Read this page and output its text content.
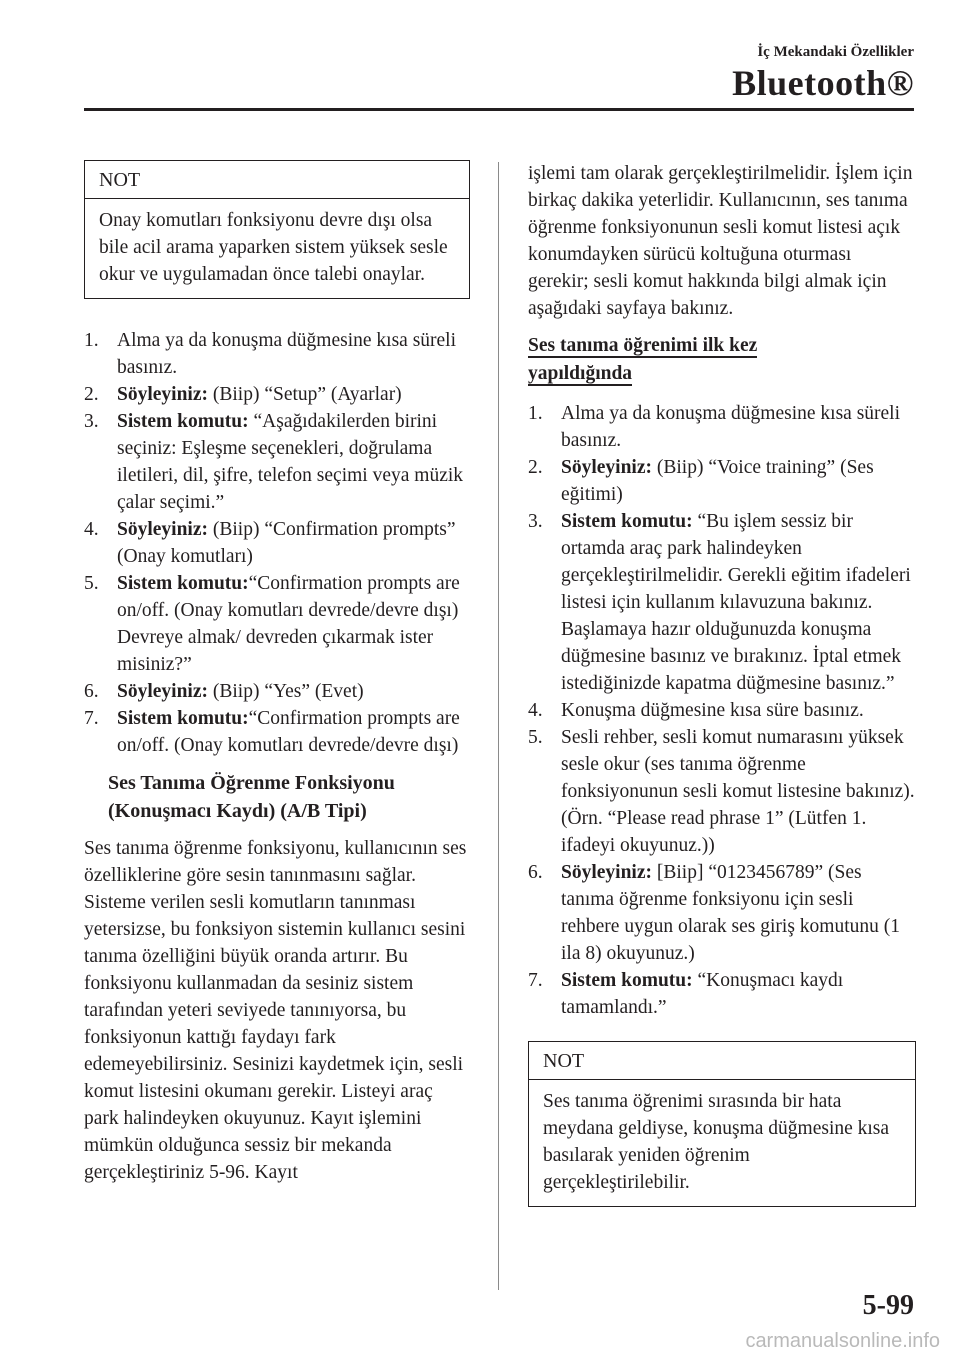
İç Mekandaki Özellikler
Bluetooth®
NOT
Onay komutları fonksiyonu devre dışı olsa bile acil arama yaparken sistem yüksek sesle okur ve uygulamadan önce talebi onaylar.
1. Alma ya da konuşma düğmesine kısa süreli basınız.
2. Söyleyiniz: (Biip) “Setup” (Ayarlar)
3. Sistem komutu: “Aşağıdakilerden birini seçiniz: Eşleşme seçenekleri, doğrulama iletileri, dil, şifre, telefon seçimi veya müzik çalar seçimi.”
4. Söyleyiniz: (Biip) “Confirmation prompts” (Onay komutları)
5. Sistem komutu:“Confirmation prompts are on/off. (Onay komutları devrede/devre dışı) Devreye almak/ devreden çıkarmak ister misiniz?”
6. Söyleyiniz: (Biip) “Yes” (Evet)
7. Sistem komutu:“Confirmation prompts are on/off. (Onay komutları devrede/devre dışı)
Ses Tanıma Öğrenme Fonksiyonu (Konuşmacı Kaydı) (A/B Tipi)

Ses tanıma öğrenme fonksiyonu, kullanıcının ses özelliklerine göre sesin tanınmasını sağlar. Sisteme verilen sesli komutların tanınması yetersizse, bu fonksiyon sistemin kullanıcı sesini tanıma özelliğini büyük oranda artırır. Bu fonksiyonu kullanmadan da sesiniz sistem tarafından yeteri seviyede tanınıyorsa, bu fonksiyonun kattığı faydayı fark edemeyebilirsiniz. Sesinizi kaydetmek için, sesli komut listesini okumanı gerekir. Listeyi araç park halindeyken okuyunuz. Kayıt işlemini mümkün olduğunca sessiz bir mekanda gerçekleştiriniz 5-96. Kayıt

işlemi tam olarak gerçekleştirilmelidir. İşlem için birkaç dakika yeterlidir. Kullanıcının, ses tanıma öğrenme fonksiyonunun sesli komut listesi açık konumdayken sürücü koltuğuna oturması gerekir; sesli komut hakkında bilgi almak için aşağıdaki sayfaya bakınız.

Ses tanıma öğrenimi ilk kez yapıldığında
1. Alma ya da konuşma düğmesine kısa süreli basınız.
2. Söyleyiniz: (Biip) “Voice training” (Ses eğitimi)
3. Sistem komutu: “Bu işlem sessiz bir ortamda araç park halindeyken gerçekleştirilmelidir. Gerekli eğitim ifadeleri listesi için kullanım kılavuzuna bakınız. Başlamaya hazır olduğunuzda konuşma düğmesine basınız ve bırakınız. İptal etmek istediğinizde kapatma düğmesine basınız.”
4. Konuşma düğmesine kısa süre basınız.
5. Sesli rehber, sesli komut numarasını yüksek sesle okur (ses tanıma öğrenme fonksiyonunun sesli komut listesine bakınız). (Örn. “Please read phrase 1” (Lütfen 1. ifadeyi okuyunuz.))
6. Söyleyiniz: [Biip] “0123456789” (Ses tanıma öğrenme fonksiyonu için sesli rehbere uygun olarak ses giriş komutunu (1 ila 8) okuyunuz.)
7. Sistem komutu: “Konuşmacı kaydı tamamlandı.”
NOT
Ses tanıma öğrenimi sırasında bir hata meydana geldiyse, konuşma düğmesine kısa basılarak yeniden öğrenim gerçekleştirilebilir.
5-99
carmanualsonline.info
